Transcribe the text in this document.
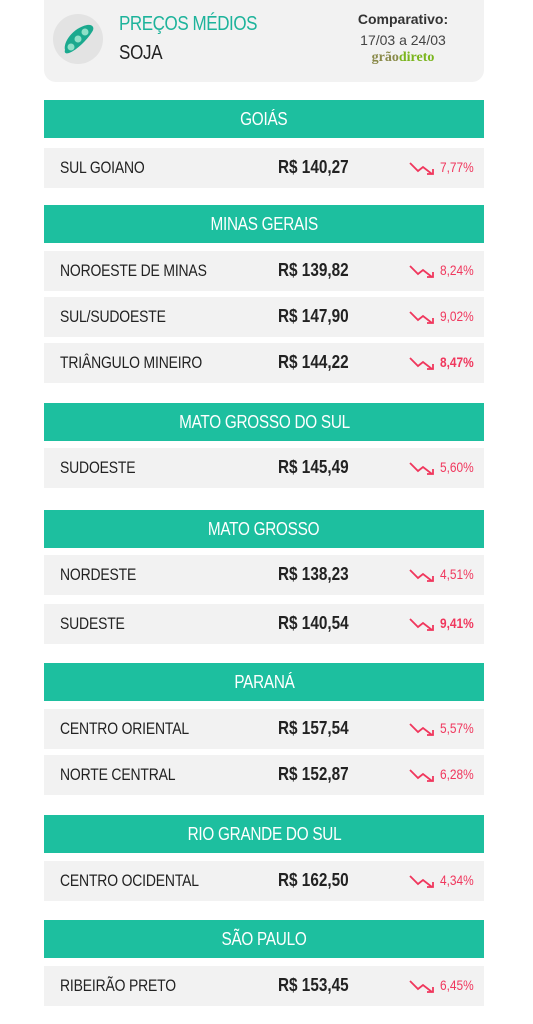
PREÇOS MÉDIOS
SOJA
Comparativo:
17/03 a 24/03
grãodireto
GOIÁS
SUL GOIANO	R$ 140,27	7,77%
MINAS GERAIS
NOROESTE DE MINAS	R$ 139,82	8,24%
SUL/SUDOESTE	R$ 147,90	9,02%
TRIÂNGULO MINEIRO	R$ 144,22	8,47%
MATO GROSSO DO SUL
SUDOESTE	R$ 145,49	5,60%
MATO GROSSO
NORDESTE	R$ 138,23	4,51%
SUDESTE	R$ 140,54	9,41%
PARANÁ
CENTRO ORIENTAL	R$ 157,54	5,57%
NORTE CENTRAL	R$ 152,87	6,28%
RIO GRANDE DO SUL
CENTRO OCIDENTAL	R$ 162,50	4,34%
SÃO PAULO
RIBEIRÃO PRETO	R$ 153,45	6,45%
